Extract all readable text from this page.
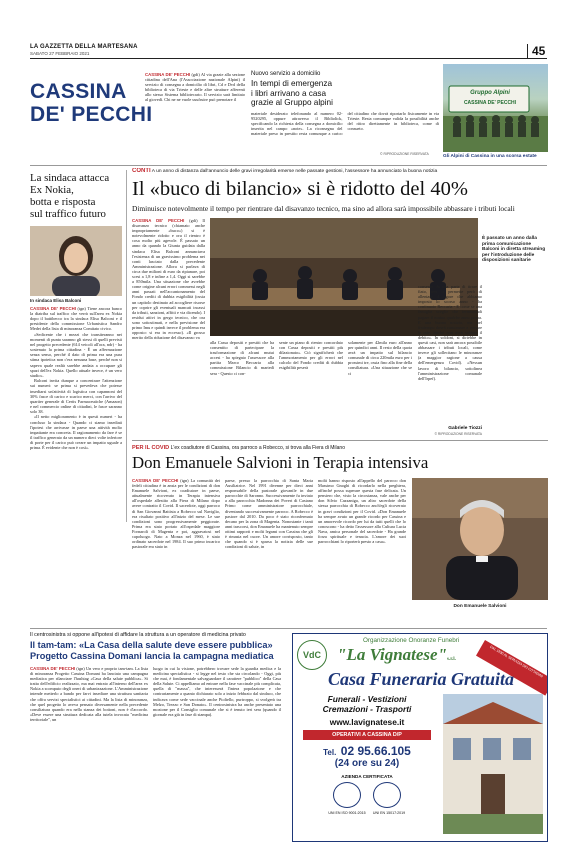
LA GAZZETTA DELLA MARTESANA
SABATO 27 FEBBRAIO 2021	45
CASSINA
DE' PECCHI
CASSINA DE' PECCHI (gdi) Al via grazie alla sezione cittadina dell'Ana (l'Associazione nazionale Alpini) il servizio di consegna a domicilio di libri, Cd e Dvd della biblioteca di via Trieste e delle altre strutture afferenti allo stesso Sistema bibliotecario. Il servizio sarà limitato al giovedì. Chi ne ne vuole usufruire può prenotare il
Nuovo servizio a domicilio
In tempi di emergenza
i libri arrivano a casa
grazie al Gruppo alpini
materiale desiderato telefonando al numero 02-9520295, oppure attraverso il Bibliolick, specificando la richiesta della consegna a domicilio inserita nel campo «note». La riconsegna del materiale preso in prestito resta comunque a carico del cittadino che dovrà riportarlo fisicamente in via Trieste. Resta comunque valida la possibilità anche del ritiro direttamente in biblioteca, come di consueto.
© RIPRODUZIONE RISERVATA
Gruppo Alpini
CASSINA DE' PECCHI
Gli Alpini di Cassina in una scorsa estate
La sindaca attacca
Ex Nokia,
botta e risposta
sul traffico futuro
In sindaca Elisa Balconi

CASSINA DE' PECCHI (tgn) Tiene ancora banco la diatriba sul traffico che verrà sull'area ex Nokia dopo il battibecco tra la sindaca Elisa Balconi e il presidente della commissione Urbanistica Sandro Medei della lista di minoranza Comitato civico.

«Sedicente che i mezzi che transiteranno nei momenti di punta saranno gli stessi di quelli previsti nel progetto precedente (614 veicoli all'ora, ndr) - ha sostenuto la prima cittadina - È un affermazione senza senso, perché il dato di prima era una pura stima ipotetica non c'era nessuna base, perché non si sapeva quale realtà sarebbe andata a occupare gli spazi dell'ex Nokia. Quello attuale invece, è un vero studio».

Balconi invita dunque a concentrare l'attenzione sui numeri: se prima si prevedeva che potesse insediarsi un'attività di logistica con capannoni del 30% fasce di carico e scarico merci, con l'arrivo del quartier generale di Certis Farmaceutiche (Amazon) e nel commercio online di cittadini, le fasce saranno solo 38.

«Il netto miglioramento è in questi numeri - ha concluso la sindaca - Quando ci siamo insediati l'ipotesi che arrivasse in paese una attività molto impattante era concreta. Il ragionamento da fare è se il traffico generato da un numero dieci volte inferiore di porte per il carico può creare un impatto uguale a prima. È evidente che non è così».

CONTI A un anno di distanza dall'annuncio delle gravi irregolarità emerse nelle passate gestioni, l'assessore ha annunciato la buona notizia
Il «buco di bilancio» si è ridotto del 40%
Diminuisce notevolmente il tempo per rientrare dal disavanzo tecnico, ma sino ad allora sarà impossibile abbassare i tributi locali
CASSINA DE' PECCHI (gdi) Il disavanzo tecnico (chiamato anche impropriamente «buco») si è notevolmente ridotto e ora il rientro è cosa molto più agevole. È passato un anno da quando la Giunta guidata dalla sindaca Elisa Balconi annunciava l'esistenza di un gravissimo problema nei conti lasciato dalla precedente Amministrazione. Allora si parlava di circa due milioni di euro da ripianare, poi scesi a 1,8 e infine a 1,4. Oggi si sarebbe a 850mila. Una situazione che avrebbe come origine alcuni errori commessi negli anni passati nell'accantonamento del Fondo crediti di dubbia esigibilità (ossia un capitolo destinato ad accogliere risorse per coprire gli eventuali mancati incassi da tributi, sanzioni, affitti e via dicendo). I residui attivi in gergo tecnico, che ora sono sottostimati, e nella previsione del primo Imu e quindi invece il problema era opposto: si era in eccesso). «Il grosso merito della riduzione del disavanzo va
È passato un anno dalla prima comunicazione Balconi in diretta streaming per l'introduzione delle disposizioni sanitarie
alla Cassa depositi e prestiti che ha consentito di partecipare la trasformazione di alcuni mutui accesi - ha spiegato l'assessore alla partita Marco Beccaria alla commissione Bilancio di martedì sera - Questo ci con-
sente un piano di rientro concordato con Cassa depositi e prestiti più dilazionato». Ciò significherà che l'ammortamento per gli errori nel calcolo del Fondo crediti di dubbia esigibilità peserà
solamente per 42mila euro all'anno per quindici anni. Il resto della quota avrà un impatto sul bilancio comunale di circa 220mila euro per i prossimi tre, ossia fino alla fine della consiliatura. «Una situazione che se ci
consente da una parte di tirare il fiato, non ci permette però di allentare il rigore che abbiamo imposto lo scorso anno - ha continuato Beccaria - E come se una famiglia sceglie che termineràdi pagare il mutuo qualche anno prima. E una buona notizia, ma nel frattempo dovrà continuare a versare le rate, finché non avrà saldato il debito». In soldoni, si diriebbe in questi casi, non sarà ancora possibile abbassare i tributi locali, come invece gli sollecitano le minoranze (a maggior ragione a causa dell'emergenza Covid). «Nessun lavoro di bilancio, sottolinea l'amministrazione comunale dell'Irpef).
Gabriele Tiozzi
© RIPRODUZIONE RISERVATA
PER IL COVID L'ex coadiutore di Cassina, ora parroco a Robecco, si trova alla Fiera di Milano
Don Emanuele Salvioni in Terapia intensiva
CASSINA DE' PECCHI (tgn) La comunità dei fedeli cittadina è in ansia per le condizioni di don Emanuele Salvioni, ex coadiutore in paese, attualmente ricoverato in Terapia intensiva all'ospedale allestito alla Fiera di Milano dopo avere contratto il Covid. Il sacerdote, oggi parroco di San Giovanni Battista a Robecco sul Naviglio, era risultato positivo all'inizio del mese. Le sue condizioni sono progressivamente peggiorate. Prima era stato portato all'ospedale maggiore Fornaroli di Magenta e poi, aggravatosi nel capoluogo. Nato a Monza nel 1960, è stato ordinato sacerdote nel 1984. Il suo primo incarico pastorale era stato in
paese, presso la parrocchia di Santa Maria Ausiliatrice. Nel 1991 divenne per dieci anni responsabile della pastorale giovanile in due parrocchie di Saronno. Successivamente fu inviato a alla parrocchia Madonna dei Poveri di Castano Primo come amministratore parrocchiale, diventando successivamente parroco. A Robecco è pastore dal 2010. Da poco è stato riconfermato decano per la zona di Magenta. Nonostante i tanti anni trascorsi, don Emanuele ha mantenuto sempre ottimi rapporti e molti legami con Cassina che gli è rimasta nel cuore. Un amore corrisposto, tanto che quando si è sparsa la notizia delle sue condizioni di salute, in
molti hanno risposto all'appello del parroco don Massimo Gnoghi di ricordarlo nella preghiera, affinché possa superare questa fase delicata. Un pensiero che, visto la circostanza, vale anche per don Silvio Cazzaniga, un altro sacerdote della stessa parrocchia di Robecco anch'egli ricoverato in gravi condizioni per il Covid. «Don Emanuele ha sempre avuto un grande ricordo per Cassina e un amorevole ricordo per lui da tutti quelli che lo conoscono - ha detto l'assessore alla Cultura Lucia Nava, amica personale del sacerdote - Ha grande forza spirituale e tenacia. L'amore dei suoi parrocchiani lo riporterà presto a casa».
Don Emanuele Salvioni
Il centrosinistra si oppone all'ipotesi di affidare la struttura a un operatore di medicina privato
Il tam-tam: «La Casa della salute deve essere pubblica»
Progetto Cassina Domani lancia la campagna mediatica
CASSINA DE' PECCHI (tgn) Un vero e proprio tam-tam. La lista di minoranza Progetto Cassina Domani ha lanciato una campagna mediatica per rilanciare l'hashtag «Casa della salute pubblica». Si tratta dell'edificio realizzato, ma mai entrato all'interno dell'area ex Nokia a scomputo degli oneri di urbanizzazione. L'Amministrazione intende metterlo a bando per farvi insediare una struttura sanitaria che offra servizi specialistici ai cittadini. Ma la lista di minoranza, che quel progetto lo aveva pensato diversamente nella precedente consiliatura quando era nella stanza dei bottoni, non è d'accordo. «Deve essere una struttura dedicata alla tutela invocata "medicina territoriale", un
luogo in cui la visione, potrebbero trovare sede la guardia medica e la medicina specialistica - si legge nel testo che sta circolando - Oggi, più che mai, è fondamentale salvaguardare il carattere "pubblico" della Casa della Salute. Ci appelliamo ad entrare nella fase vaccinale più complicata, quella di "massa", che interesserà l'intera popolazione e che contrariamente a quanto dichiarato solo a inizio febbraio dal sindaco, che indicava come sede vaccinale anche Pioltello, purtroppo, si svolgerà tra Melzo, Trezzo e San Donato». Il centrosinistra ha anche presentato una mozione per il Consiglio comunale che si è tenuto ieri sera (quando il giornale era già in fase di stampa).
VdC
Organizzazione Onoranze Funebri
"La Vignatese"s.r.l.	DAL 1930 AL SERVIZIO DEI CITTADINI
Casa Funeraria Gratuita
Funerali - Vestizioni
Cremazioni - Trasporti
www.lavignatese.it
OPERATIVI A CASSINA D/P
Tel. 02 95.66.105
(24 ore su 24)
AZIENDA CERTIFICATA
UNI EN ISO 9001:2015	UNI EN 15017:2019
